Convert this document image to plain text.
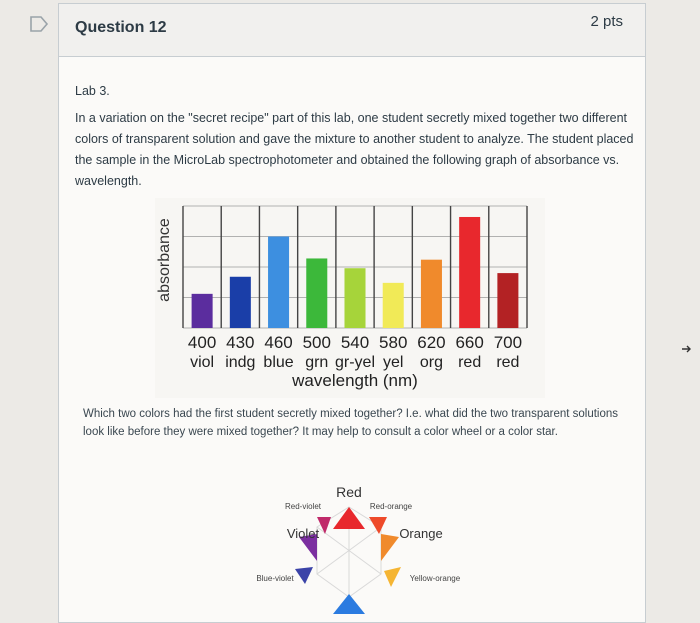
Question 12	2 pts
Lab 3.
In a variation on the "secret recipe" part of this lab, one student secretly mixed together two different colors of transparent solution and gave the mixture to another student to analyze. The student placed the sample in the MicroLab spectrophotometer and obtained the following graph of absorbance vs. wavelength.
400 430 460 500 540 580 620 660 700
viol indg blue grn gr-yel yel org red red
absorbance
wavelength (nm)
Which two colors had the first student secretly mixed together? I.e. what did the two transparent solutions look like before they were mixed together? It may help to consult a color wheel or a color star.
Red
Red-violet	Red-orange
Violet	Orange
Blue-violet	Yellow-orange
